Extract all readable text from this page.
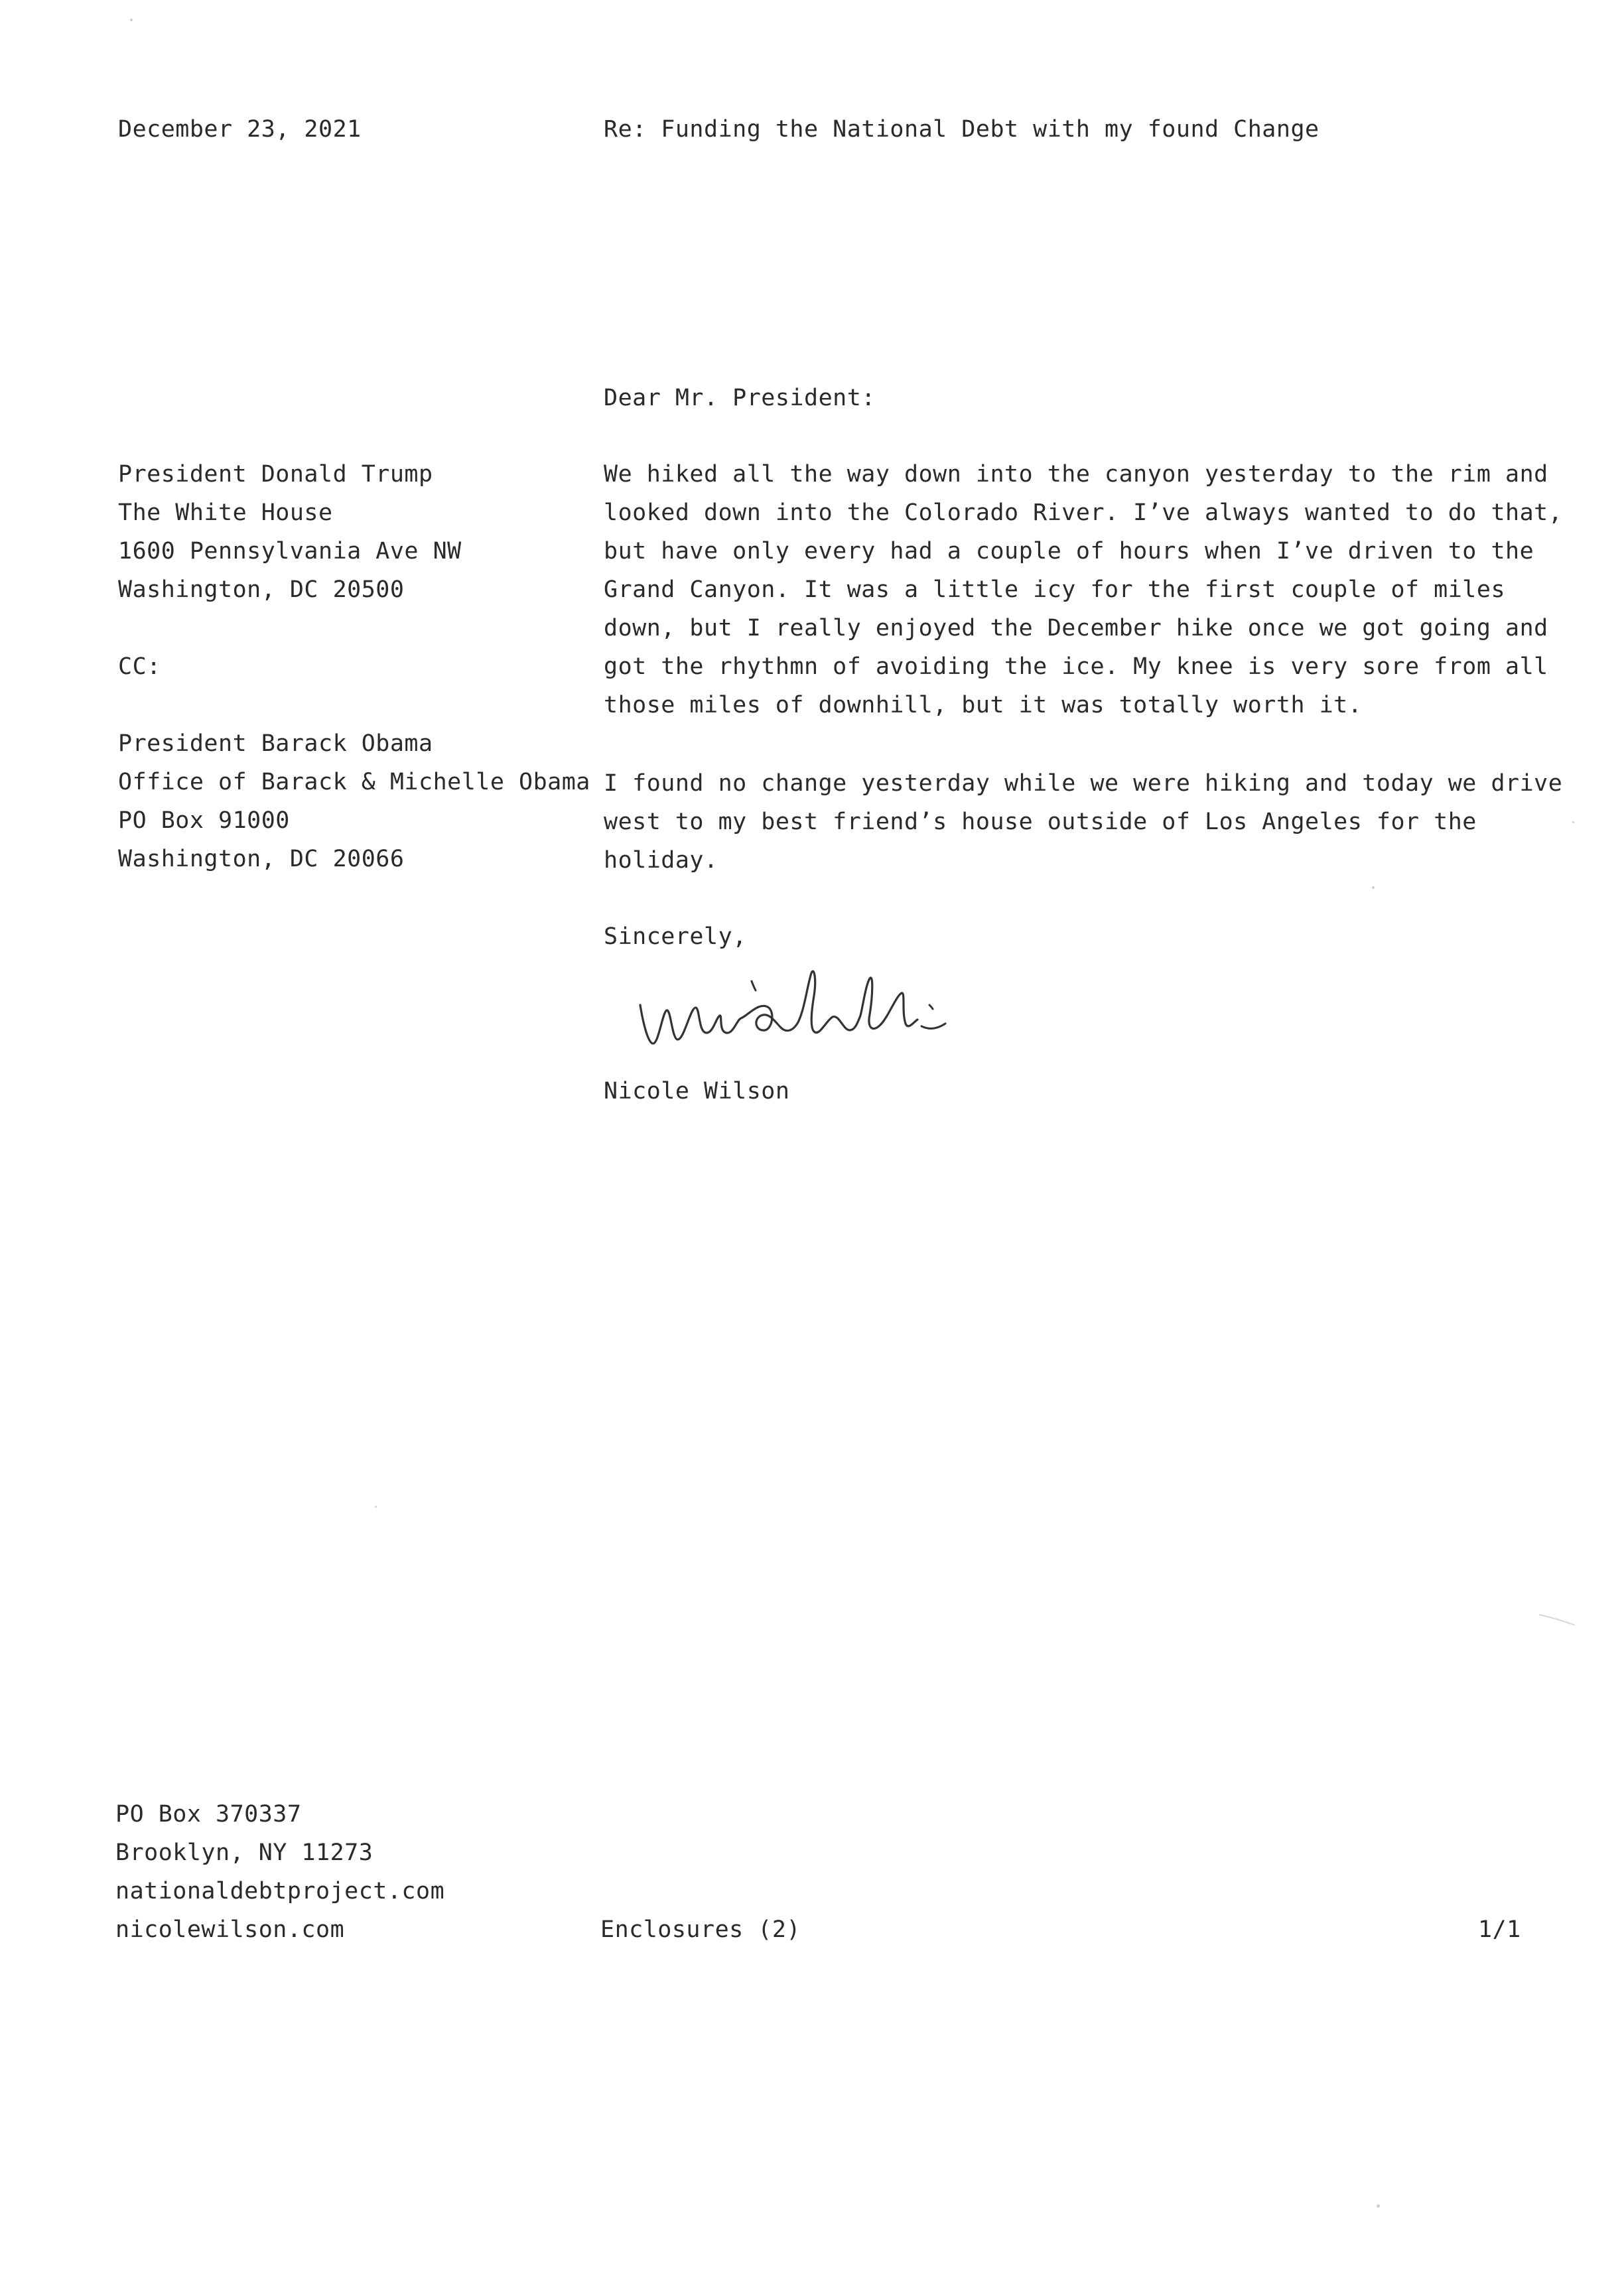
December 23, 2021	Re: Funding the National Debt with my found Change
Dear Mr. President:
President Donald Trump
The White House
1600 Pennsylvania Ave NW
Washington, DC 20500
CC:
President Barack Obama
Office of Barack & Michelle Obama
PO Box 91000
Washington, DC 20066
We hiked all the way down into the canyon yesterday to the rim and
looked down into the Colorado River. I’ve always wanted to do that,
but have only every had a couple of hours when I’ve driven to the
Grand Canyon. It was a little icy for the first couple of miles
down, but I really enjoyed the December hike once we got going and
got the rhythmn of avoiding the ice. My knee is very sore from all
those miles of downhill, but it was totally worth it.
I found no change yesterday while we were hiking and today we drive
west to my best friend’s house outside of Los Angeles for the
holiday.
Sincerely,
Nicole Wilson
PO Box 370337
Brooklyn, NY 11273
nationaldebtproject.com
nicolewilson.com	Enclosures (2)	1/1
